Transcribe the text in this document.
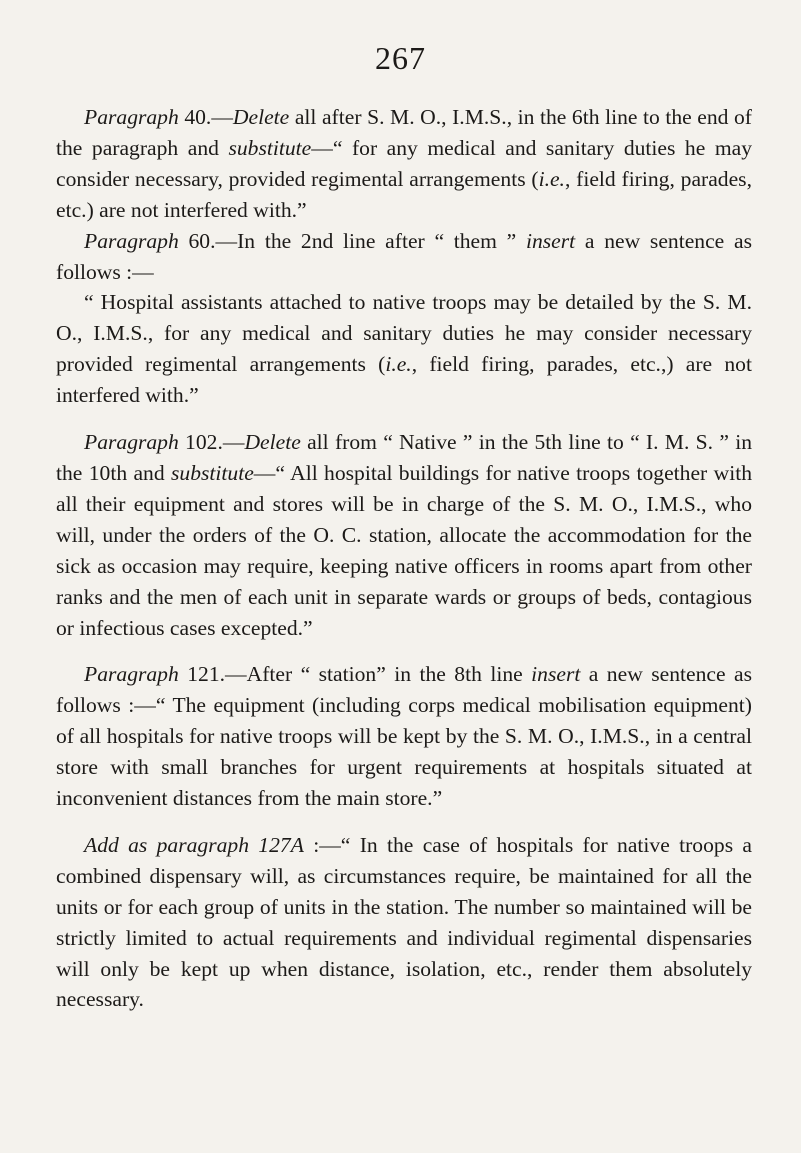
267

Paragraph 40.—Delete all after S. M. O., I.M.S., in the 6th line to the end of the paragraph and substitute—“ for any medical and sanitary duties he may consider necessary, provided regimental arrangements (i.e., field firing, parades, etc.) are not interfered with.”

Paragraph 60.—In the 2nd line after “ them ” insert a new sentence as follows :—

“ Hospital assistants attached to native troops may be detailed by the S. M. O., I.M.S., for any medical and sanitary duties he may consider necessary provided regimental arrangements (i.e., field firing, parades, etc.,) are not interfered with.”

Paragraph 102.—Delete all from “ Native ” in the 5th line to “ I. M. S. ” in the 10th and substitute—“ All hospital buildings for native troops together with all their equipment and stores will be in charge of the S. M. O., I.M.S., who will, under the orders of the O. C. station, allocate the accommodation for the sick as occasion may require, keeping native officers in rooms apart from other ranks and the men of each unit in separate wards or groups of beds, contagious or infectious cases excepted.”

Paragraph 121.—After “ station” in the 8th line insert a new sentence as follows :—“ The equipment (including corps medical mobilisation equipment) of all hospitals for native troops will be kept by the S. M. O., I.M.S., in a central store with small branches for urgent requirements at hospitals situated at inconvenient distances from the main store.”

Add as paragraph 127A :—“ In the case of hospitals for native troops a combined dispensary will, as circumstances require, be maintained for all the units or for each group of units in the station. The number so maintained will be strictly limited to actual requirements and individual regimental dispensaries will only be kept up when distance, isolation, etc., render them absolutely necessary.
